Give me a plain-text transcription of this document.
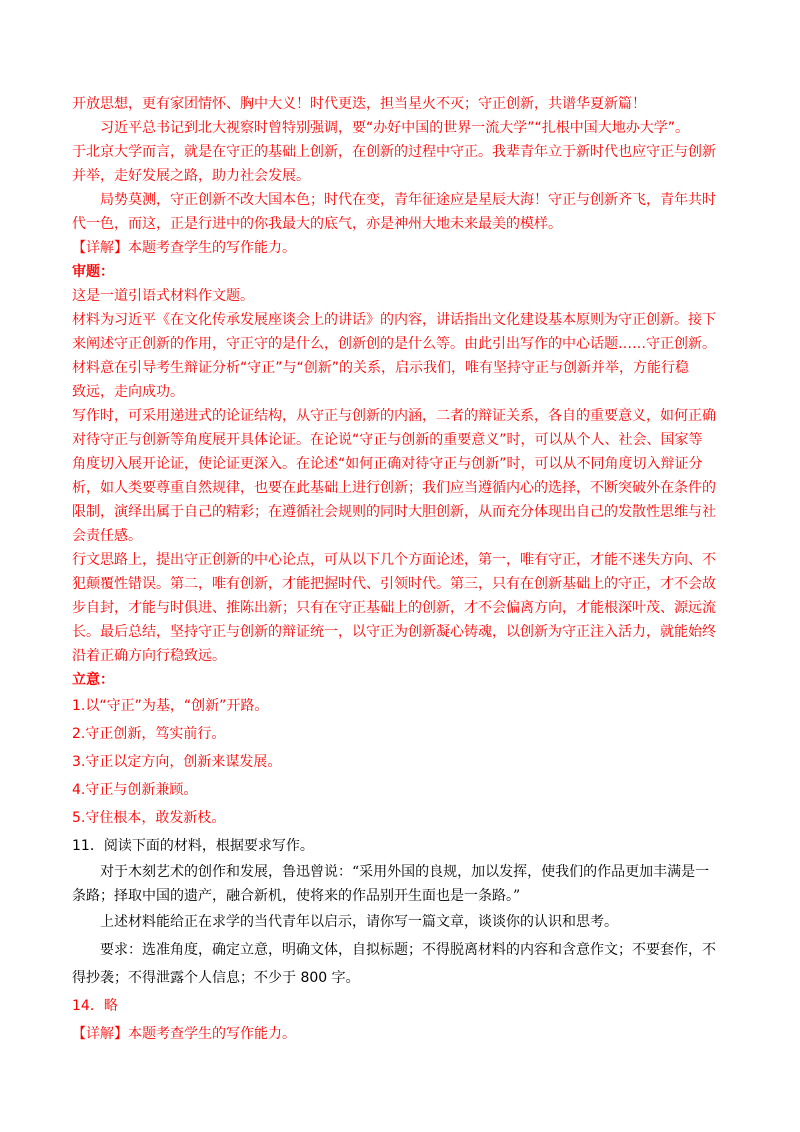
开放思想，更有家团情怀、胸中大义！时代更迭，担当星火不灭；守正创新，共谱华夏新篇！
习近平总书记到北大视察时曾特别强调，要“办好中国的世界一流大学”“扎根中国大地办大学”。
于北京大学而言，就是在守正的基础上创新，在创新的过程中守正。我辈青年立于新时代也应守正与创新
并举，走好发展之路，助力社会发展。
局势莫测，守正创新不改大国本色；时代在变，青年征途应是星辰大海！守正与创新齐飞，青年共时
代一色，而这，正是行进中的你我最大的底气，亦是神州大地未来最美的模样。
【详解】本题考查学生的写作能力。
审题：
这是一道引语式材料作文题。
材料为习近平《在文化传承发展座谈会上的讲话》的内容，讲话指出文化建设基本原则为守正创新。接下
来阐述守正创新的作用，守正守的是什么，创新创的是什么等。由此引出写作的中心话题……守正创新。
材料意在引导考生辩证分析“守正”与“创新”的关系，启示我们，唯有坚持守正与创新并举，方能行稳
致远，走向成功。
写作时，可采用递进式的论证结构，从守正与创新的内涵，二者的辩证关系，各自的重要意义，如何正确
对待守正与创新等角度展开具体论证。在论说“守正与创新的重要意义”时，可以从个人、社会、国家等
角度切入展开论证，使论证更深入。在论述“如何正确对待守正与创新”时，可以从不同角度切入辩证分
析，如人类要尊重自然规律，也要在此基础上进行创新；我们应当遵循内心的选择，不断突破外在条件的
限制，演绎出属于自己的精彩；在遵循社会规则的同时大胆创新，从而充分体现出自己的发散性思维与社
会责任感。
行文思路上，提出守正创新的中心论点，可从以下几个方面论述，第一，唯有守正，才能不迷失方向、不
犯颠覆性错误。第二，唯有创新，才能把握时代、引领时代。第三，只有在创新基础上的守正，才不会故
步自封，才能与时俱进、推陈出新；只有在守正基础上的创新，才不会偏离方向，才能根深叶茂、源远流
长。最后总结，坚持守正与创新的辩证统一，以守正为创新凝心铸魂，以创新为守正注入活力，就能始终
沿着正确方向行稳致远。
立意：
1.以“守正”为基，“创新”开路。
2.守正创新，笃实前行。
3.守正以定方向，创新来谋发展。
4.守正与创新兼顾。
5.守住根本，敢发新枝。
11．阅读下面的材料，根据要求写作。
对于木刻艺术的创作和发展，鲁迅曾说：“采用外国的良规，加以发挥，使我们的作品更加丰满是一
条路；择取中国的遗产，融合新机，使将来的作品别开生面也是一条路。”
上述材料能给正在求学的当代青年以启示，请你写一篇文章，谈谈你的认识和思考。
要求：选准角度，确定立意，明确文体，自拟标题；不得脱离材料的内容和含意作文；不要套作，不
得抄袭；不得泄露个人信息；不少于 800 字。
14．略
【详解】本题考查学生的写作能力。
